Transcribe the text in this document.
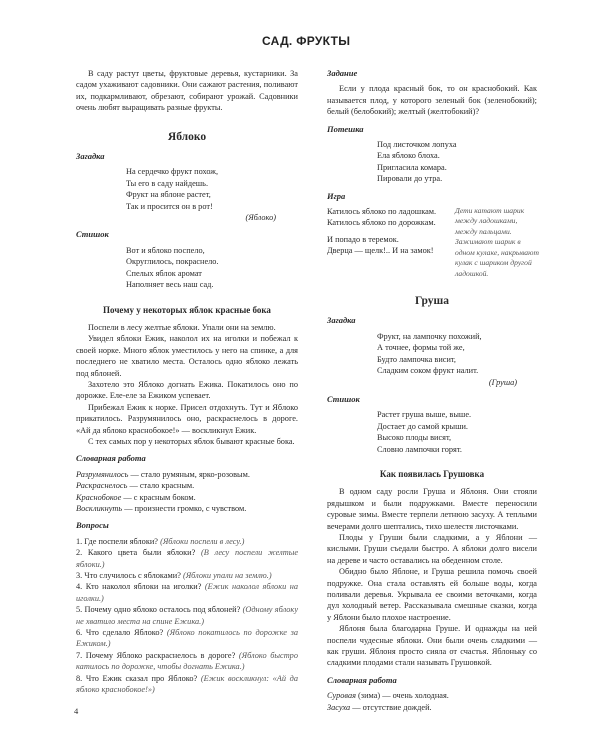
САД. ФРУКТЫ

В саду растут цветы, фруктовые деревья, кустарники. За садом ухаживают садовники. Они сажают растения, поливают их, подкармливают, обрезают, собирают урожай. Садовники очень любят выращивать разные фрукты.

Яблоко
Загадка
На сердечко фрукт похож,
Ты его в саду найдешь.
Фрукт на яблоне растет,
Так и просится он в рот!
(Яблоко)
Стишок
Вот и яблоко поспело,
Округлилось, покраснело.
Спелых яблок аромат
Наполняет весь наш сад.
Почему у некоторых яблок красные бока

Поспели в лесу желтые яблоки. Упали они на землю.

Увидел яблоки Ежик, наколол их на иголки и побежал к своей норке. Много яблок уместилось у него на спинке, а для последнего не хватило места. Осталось одно яблоко лежать под яблоней.

Захотело это Яблоко догнать Ежика. Покатилось оно по дорожке. Еле-еле за Ежиком успевает.

Прибежал Ежик к норке. Присел отдохнуть. Тут и Яблоко прикатилось. Разрумянилось оно, раскраснелось в дороге. «Ай да яблоко краснобокое!» — воскликнул Ежик.

С тех самых пор у некоторых яблок бывают красные бока.

Словарная работа
Разрумянилось — стало румяным, ярко-розовым.
Раскраснелось — стало красным.
Краснобокое — с красным боком.
Воскликнуть — произнести громко, с чувством.
Вопросы
1. Где поспели яблоки? (Яблоки поспели в лесу.)
2. Какого цвета были яблоки? (В лесу поспели желтые яблоки.)
3. Что случилось с яблоками? (Яблоки упали на землю.)
4. Кто наколол яблоки на иголки? (Ежик наколол яблоки на иголки.)
5. Почему одно яблоко осталось под яблоней? (Одному яблоку не хватило места на спине Ежика.)
6. Что сделало Яблоко? (Яблоко покатилось по дорожке за Ежиком.)
7. Почему Яблоко раскраснелось в дороге? (Яблоко быстро катилось по дорожке, чтобы догнать Ежика.)
8. Что Ежик сказал про Яблоко? (Ежик воскликнул: «Ай да яблоко краснобокое!»)
Задание

Если у плода красный бок, то он краснобокий. Как называется плод, у которого зеленый бок (зеленобокий); белый (белобокий); желтый (желтобокий)?

Потешка
Под листочком лопуха
Ела яблоко блоха.
Пригласила комара.
Пировали до утра.
Игра
Катилось яблоко по ладошкам.
Катилось яблоко по дорожкам.
И попадо в теремок.
Дверца — щелк!.. И на замок!
Дети катают шарик между ладошками, между пальцами. Зажимают шарик в одном кулаке, накрывают кулак с шариком другой ладошкой.
Груша
Загадка
Фрукт, на лампочку похожий,
А точнее, формы той же,
Будто лампочка висит,
Сладким соком фрукт налит.
(Груша)
Стишок
Растет груша выше, выше.
Достает до самой крыши.
Высоко плоды висят,
Словно лампочки горят.
Как появилась Грушовка

В одном саду росли Груша и Яблоня. Они стояли рядышком и были подружками. Вместе переносили суровые зимы. Вместе терпели летнюю засуху. А теплыми вечерами долго шептались, тихо шелестя листочками.

Плоды у Груши были сладкими, а у Яблони — кислыми. Груши съедали быстро. А яблоки долго висели на дереве и часто оставались на обеденном столе.

Обидно было Яблоне, и Груша решила помочь своей подружке. Она стала оставлять ей больше воды, когда поливали деревья. Укрывала ее своими веточками, когда дул холодный ветер. Рассказывала смешные сказки, когда у Яблони было плохое настроение.

Яблоня была благодарна Груше. И однажды на ней поспели чудесные яблоки. Они были очень сладкими — как груши. Яблоня просто сияла от счастья. Яблоньку со сладкими плодами стали называть Грушовкой.

Словарная работа
Суровая (зима) — очень холодная.
Засуха — отсутствие дождей.
4
